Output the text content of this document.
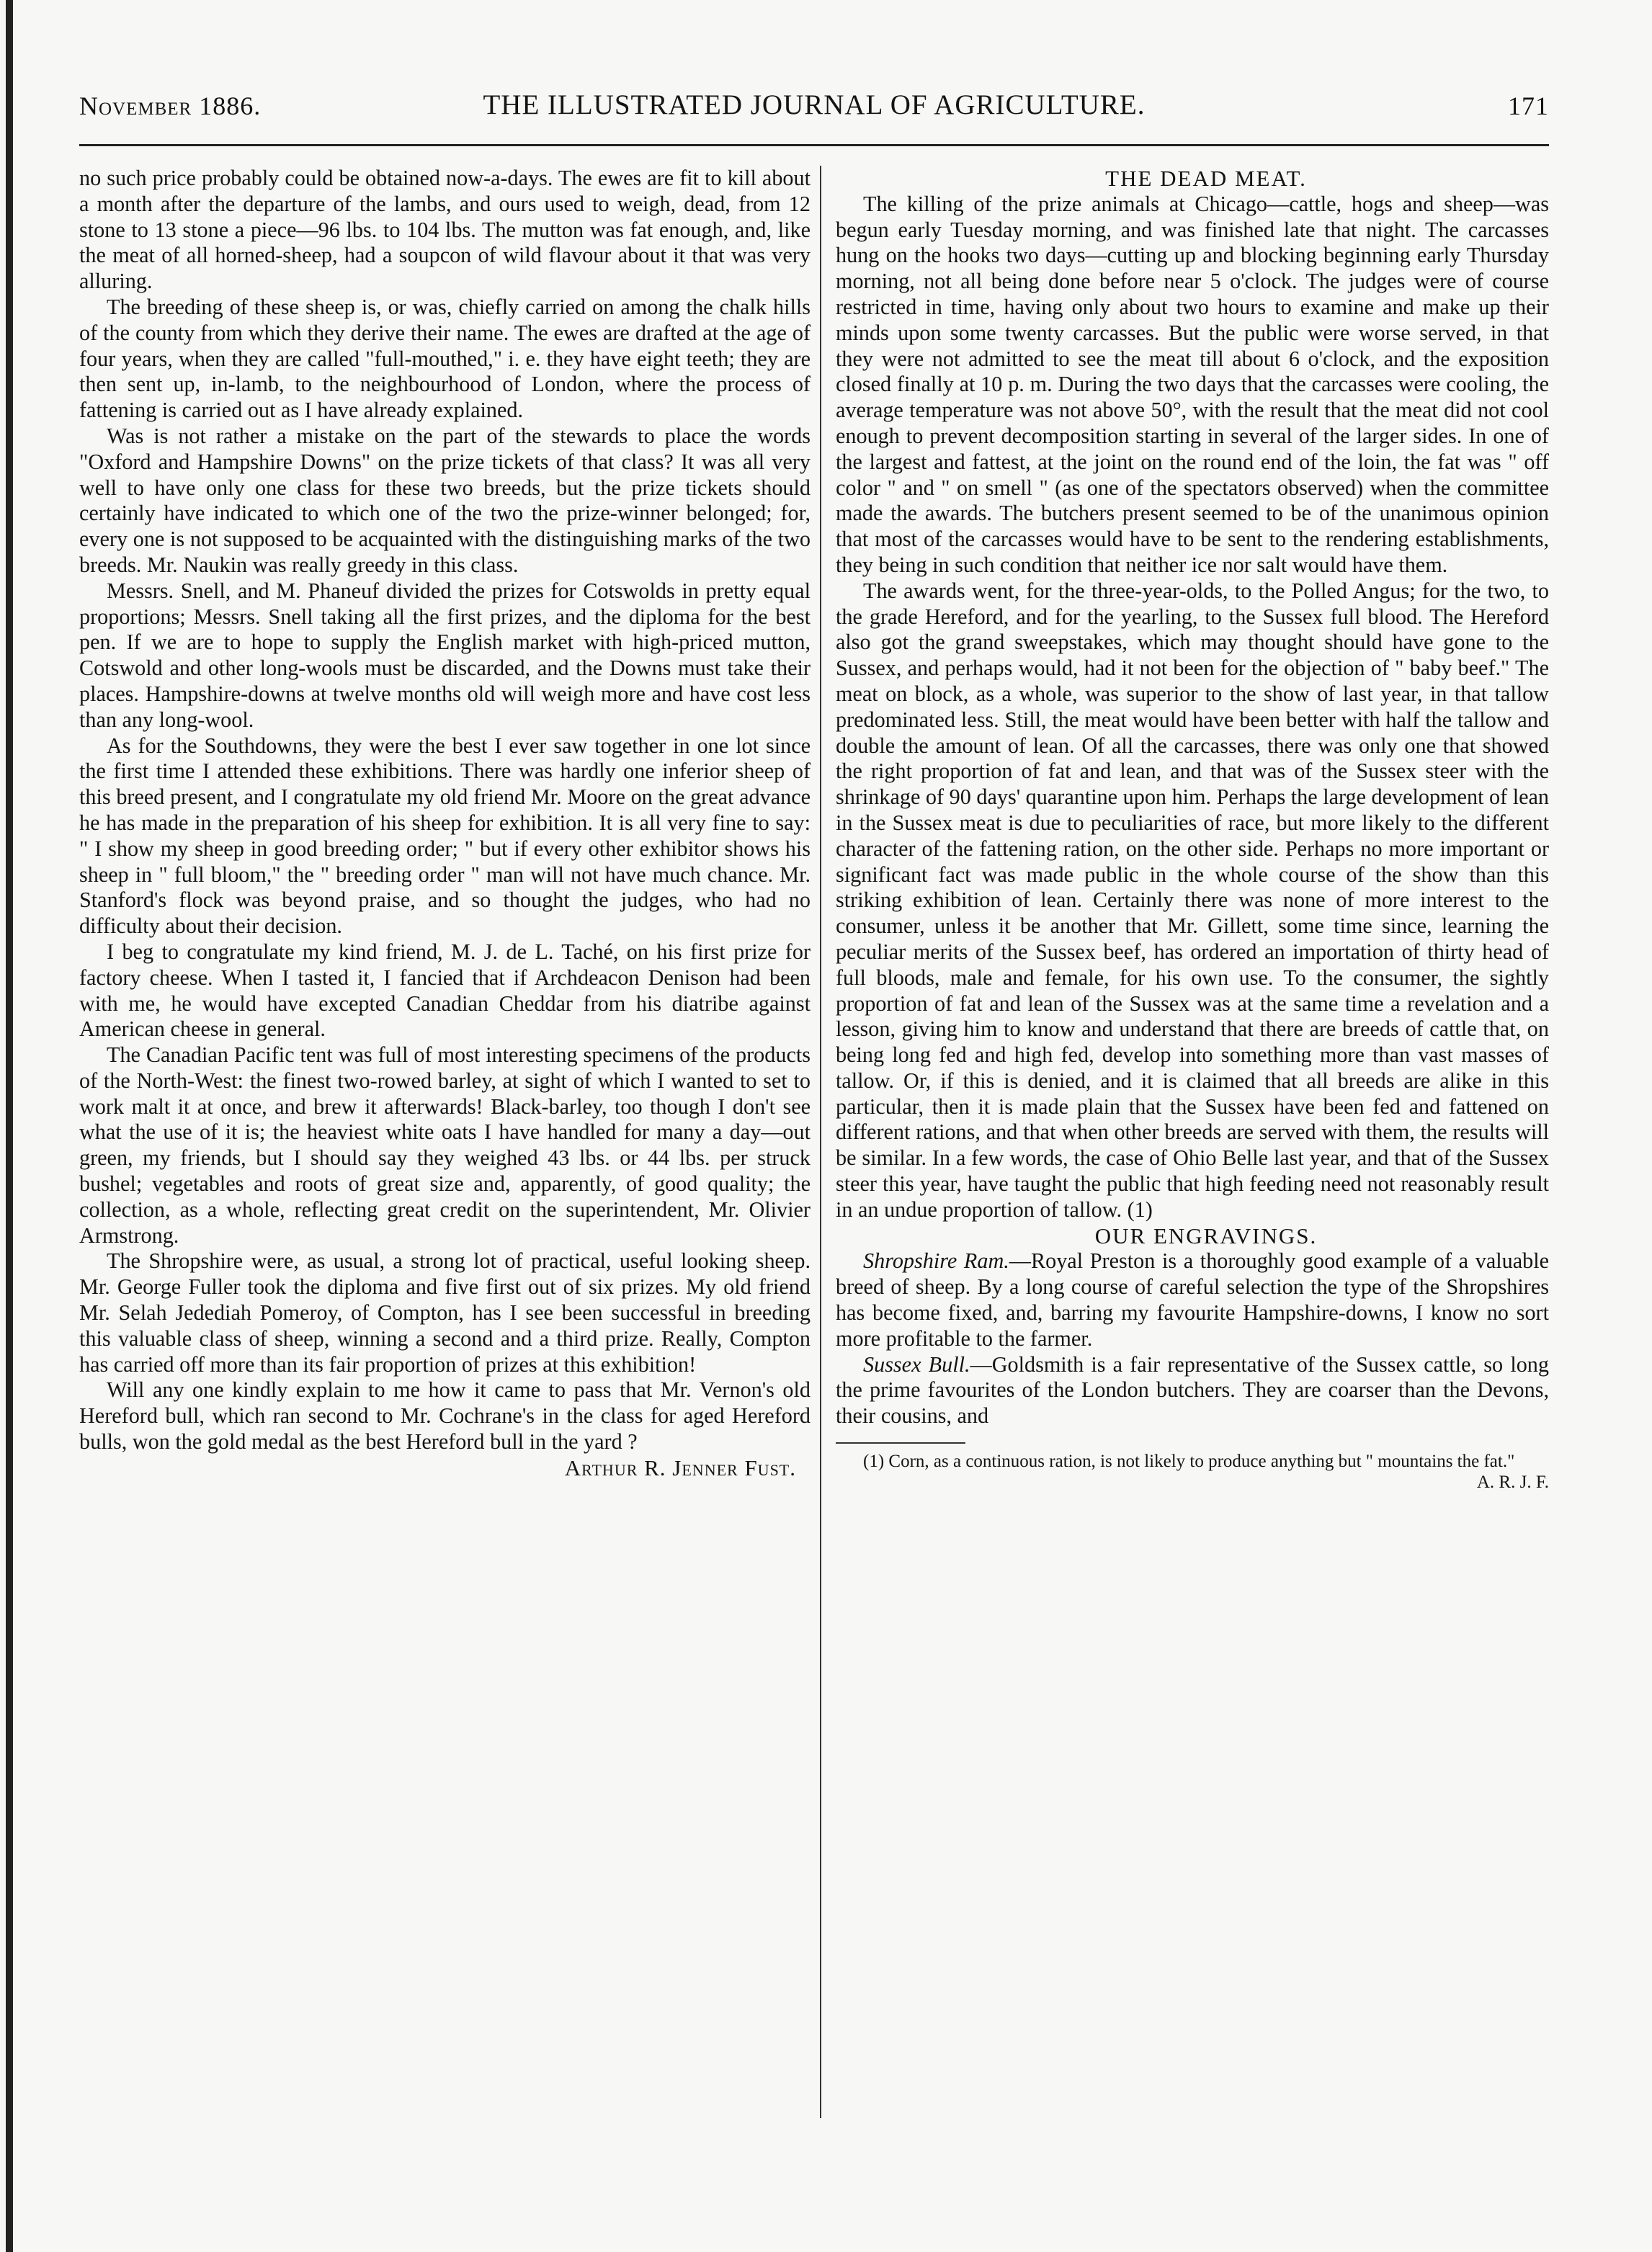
November 1886.	THE ILLUSTRATED JOURNAL OF AGRICULTURE.	171

no such price probably could be obtained now-a-days. The ewes are fit to kill about a month after the departure of the lambs, and ours used to weigh, dead, from 12 stone to 13 stone a piece—96 lbs. to 104 lbs. The mutton was fat enough, and, like the meat of all horned-sheep, had a soupcon of wild flavour about it that was very alluring.

The breeding of these sheep is, or was, chiefly carried on among the chalk hills of the county from which they derive their name. The ewes are drafted at the age of four years, when they are called "full-mouthed," i. e. they have eight teeth; they are then sent up, in-lamb, to the neighbourhood of London, where the process of fattening is carried out as I have already explained.

Was is not rather a mistake on the part of the stewards to place the words "Oxford and Hampshire Downs" on the prize tickets of that class? It was all very well to have only one class for these two breeds, but the prize tickets should certainly have indicated to which one of the two the prize-winner belonged; for, every one is not supposed to be acquainted with the distinguishing marks of the two breeds. Mr. Naukin was really greedy in this class.

Messrs. Snell, and M. Phaneuf divided the prizes for Cotswolds in pretty equal proportions; Messrs. Snell taking all the first prizes, and the diploma for the best pen. If we are to hope to supply the English market with high-priced mutton, Cotswold and other long-wools must be discarded, and the Downs must take their places. Hampshire-downs at twelve months old will weigh more and have cost less than any long-wool.

As for the Southdowns, they were the best I ever saw together in one lot since the first time I attended these exhibitions. There was hardly one inferior sheep of this breed present, and I congratulate my old friend Mr. Moore on the great advance he has made in the preparation of his sheep for exhibition. It is all very fine to say: " I show my sheep in good breeding order; " but if every other exhibitor shows his sheep in " full bloom," the " breeding order " man will not have much chance. Mr. Stanford's flock was beyond praise, and so thought the judges, who had no difficulty about their decision.

I beg to congratulate my kind friend, M. J. de L. Taché, on his first prize for factory cheese. When I tasted it, I fancied that if Archdeacon Denison had been with me, he would have excepted Canadian Cheddar from his diatribe against American cheese in general.

The Canadian Pacific tent was full of most interesting specimens of the products of the North-West: the finest two-rowed barley, at sight of which I wanted to set to work malt it at once, and brew it afterwards! Black-barley, too though I don't see what the use of it is; the heaviest white oats I have handled for many a day—out green, my friends, but I should say they weighed 43 lbs. or 44 lbs. per struck bushel; vegetables and roots of great size and, apparently, of good quality; the collection, as a whole, reflecting great credit on the superintendent, Mr. Olivier Armstrong.

The Shropshire were, as usual, a strong lot of practical, useful looking sheep. Mr. George Fuller took the diploma and five first out of six prizes. My old friend Mr. Selah Jedediah Pomeroy, of Compton, has I see been successful in breeding this valuable class of sheep, winning a second and a third prize. Really, Compton has carried off more than its fair proportion of prizes at this exhibition!

Will any one kindly explain to me how it came to pass that Mr. Vernon's old Hereford bull, which ran second to Mr. Cochrane's in the class for aged Hereford bulls, won the gold medal as the best Hereford bull in the yard ?

Arthur R. Jenner Fust.

THE DEAD MEAT.

The killing of the prize animals at Chicago—cattle, hogs and sheep—was begun early Tuesday morning, and was finished late that night. The carcasses hung on the hooks two days—cutting up and blocking beginning early Thursday morning, not all being done before near 5 o'clock. The judges were of course restricted in time, having only about two hours to examine and make up their minds upon some twenty carcasses. But the public were worse served, in that they were not admitted to see the meat till about 6 o'clock, and the exposition closed finally at 10 p. m. During the two days that the carcasses were cooling, the average temperature was not above 50°, with the result that the meat did not cool enough to prevent decomposition starting in several of the larger sides. In one of the largest and fattest, at the joint on the round end of the loin, the fat was " off color " and " on smell " (as one of the spectators observed) when the committee made the awards. The butchers present seemed to be of the unanimous opinion that most of the carcasses would have to be sent to the rendering establishments, they being in such condition that neither ice nor salt would have them.

The awards went, for the three-year-olds, to the Polled Angus; for the two, to the grade Hereford, and for the yearling, to the Sussex full blood. The Hereford also got the grand sweepstakes, which may thought should have gone to the Sussex, and perhaps would, had it not been for the objection of " baby beef." The meat on block, as a whole, was superior to the show of last year, in that tallow predominated less. Still, the meat would have been better with half the tallow and double the amount of lean. Of all the carcasses, there was only one that showed the right proportion of fat and lean, and that was of the Sussex steer with the shrinkage of 90 days' quarantine upon him. Perhaps the large development of lean in the Sussex meat is due to peculiarities of race, but more likely to the different character of the fattening ration, on the other side. Perhaps no more important or significant fact was made public in the whole course of the show than this striking exhibition of lean. Certainly there was none of more interest to the consumer, unless it be another that Mr. Gillett, some time since, learning the peculiar merits of the Sussex beef, has ordered an importation of thirty head of full bloods, male and female, for his own use. To the consumer, the sightly proportion of fat and lean of the Sussex was at the same time a revelation and a lesson, giving him to know and understand that there are breeds of cattle that, on being long fed and high fed, develop into something more than vast masses of tallow. Or, if this is denied, and it is claimed that all breeds are alike in this particular, then it is made plain that the Sussex have been fed and fattened on different rations, and that when other breeds are served with them, the results will be similar. In a few words, the case of Ohio Belle last year, and that of the Sussex steer this year, have taught the public that high feeding need not reasonably result in an undue proportion of tallow. (1)

OUR ENGRAVINGS.

Shropshire Ram.—Royal Preston is a thoroughly good example of a valuable breed of sheep. By a long course of careful selection the type of the Shropshires has become fixed, and, barring my favourite Hampshire-downs, I know no sort more profitable to the farmer.

Sussex Bull.—Goldsmith is a fair representative of the Sussex cattle, so long the prime favourites of the London butchers. They are coarser than the Devons, their cousins, and

(1) Corn, as a continuous ration, is not likely to produce anything but " mountains the fat."
A. R. J. F.
